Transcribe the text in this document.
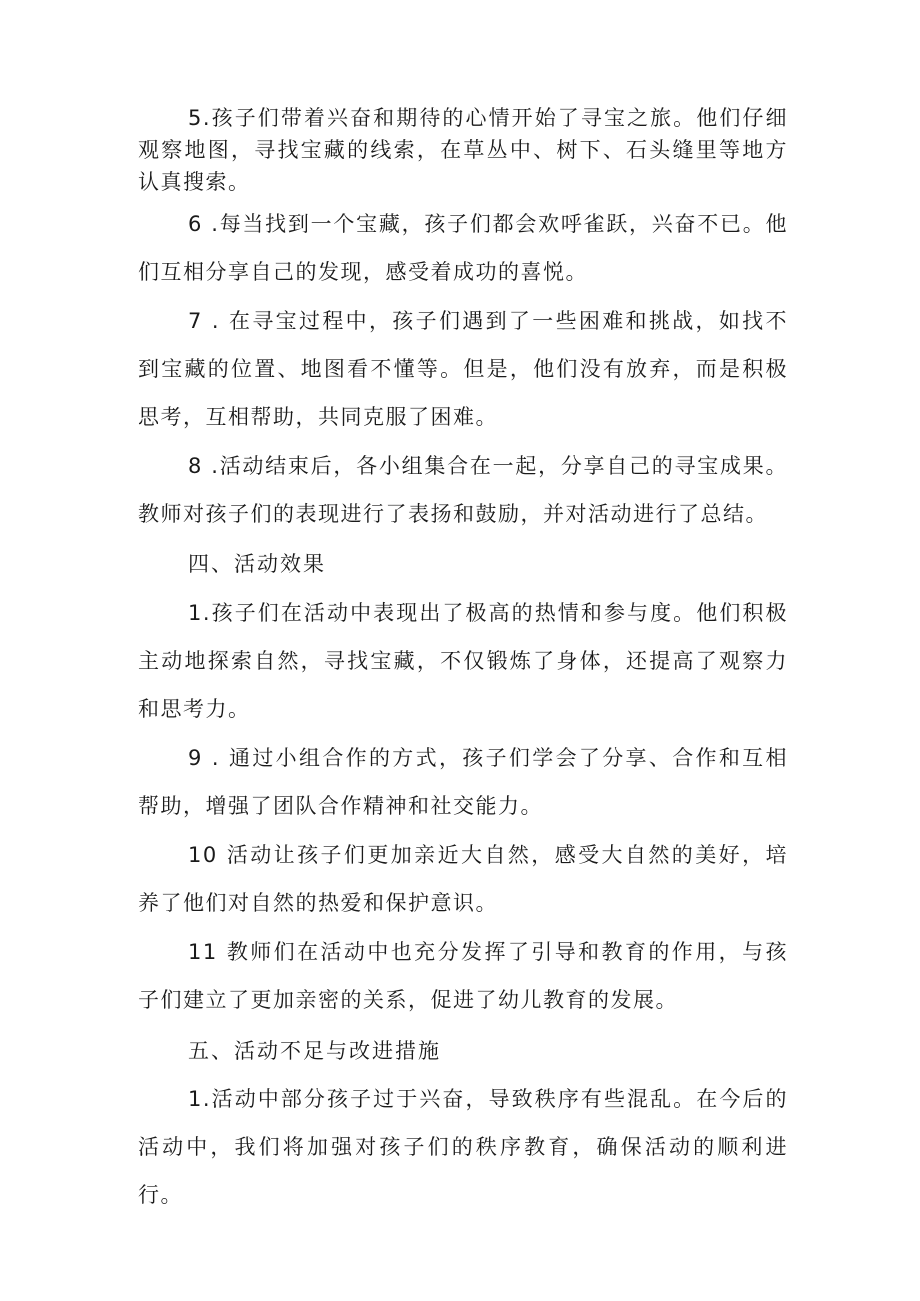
5.孩子们带着兴奋和期待的心情开始了寻宝之旅。他们仔细观察地图，寻找宝藏的线索，在草丛中、树下、石头缝里等地方认真搜索。

6 .每当找到一个宝藏，孩子们都会欢呼雀跃，兴奋不已。他们互相分享自己的发现，感受着成功的喜悦。

7 . 在寻宝过程中，孩子们遇到了一些困难和挑战，如找不到宝藏的位置、地图看不懂等。但是，他们没有放弃，而是积极思考，互相帮助，共同克服了困难。

8 .活动结束后，各小组集合在一起，分享自己的寻宝成果。教师对孩子们的表现进行了表扬和鼓励，并对活动进行了总结。

四、活动效果

1.孩子们在活动中表现出了极高的热情和参与度。他们积极主动地探索自然，寻找宝藏，不仅锻炼了身体，还提高了观察力和思考力。

9 . 通过小组合作的方式，孩子们学会了分享、合作和互相帮助，增强了团队合作精神和社交能力。

10 活动让孩子们更加亲近大自然，感受大自然的美好，培养了他们对自然的热爱和保护意识。

11 教师们在活动中也充分发挥了引导和教育的作用，与孩子们建立了更加亲密的关系，促进了幼儿教育的发展。

五、活动不足与改进措施

1.活动中部分孩子过于兴奋，导致秩序有些混乱。在今后的活动中，我们将加强对孩子们的秩序教育，确保活动的顺利进行。
